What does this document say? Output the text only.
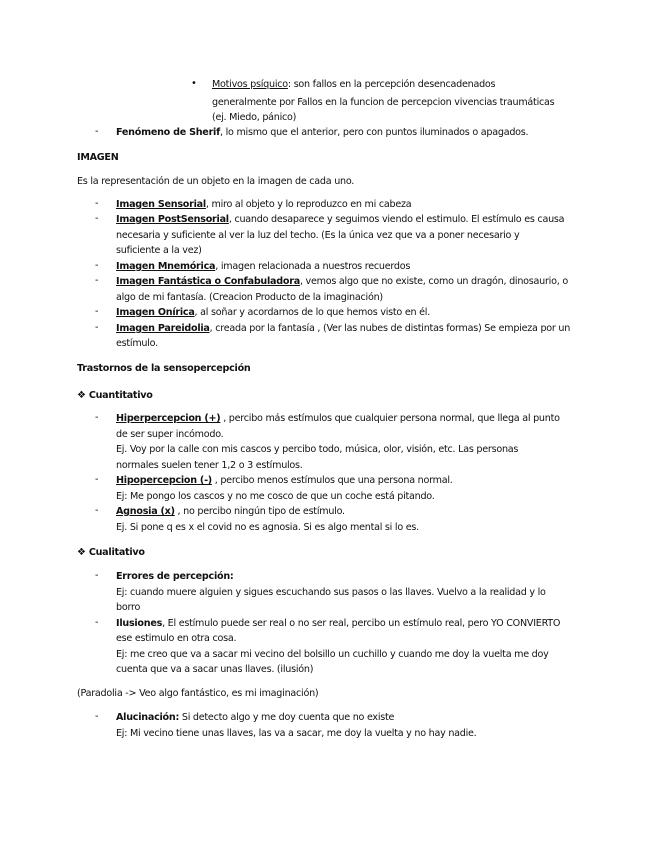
• Motivos psíquico: son fallos en la percepción desencadenados
generalmente por Fallos en la funcion de percepcion vivencias traumáticas
(ej. Miedo, pánico)
-	Fenómeno de Sherif, lo mismo que el anterior, pero con puntos iluminados o apagados.
IMAGEN
Es la representación de un objeto en la imagen de cada uno.
-	Imagen Sensorial, miro al objeto y lo reproduzco en mi cabeza
-	Imagen PostSensorial, cuando desaparece y seguimos viendo el estimulo. El estímulo es causa
necesaria y suficiente al ver la luz del techo. (Es la única vez que va a poner necesario y
suficiente a la vez)
-	Imagen Mnemórica, imagen relacionada a nuestros recuerdos
-	Imagen Fantástica o Confabuladora, vemos algo que no existe, como un dragón, dinosaurio, o
algo de mi fantasía. (Creacion Producto de la imaginación)
-	Imagen Onírica, al soñar y acordarnos de lo que hemos visto en él.
-	Imagen Pareidolia, creada por la fantasía , (Ver las nubes de distintas formas) Se empieza por un
estímulo.
Trastornos de la sensopercepción
❖ Cuantitativo
-	Hiperpercepcion (+) , percibo más estímulos que cualquier persona normal, que llega al punto
de ser super incómodo.
Ej. Voy por la calle con mis cascos y percibo todo, música, olor, visión, etc. Las personas
normales suelen tener 1,2 o 3 estímulos.
-	Hipopercepcion (-) , percibo menos estímulos que una persona normal.
Ej: Me pongo los cascos y no me cosco de que un coche está pitando.
-	Agnosia (x) , no percibo ningún tipo de estímulo.
Ej. Si pone q es x el covid no es agnosia. Si es algo mental si lo es.
❖ Cualitativo
-	Errores de percepción:
Ej: cuando muere alguien y sigues escuchando sus pasos o las llaves. Vuelvo a la realidad y lo
borro
-	Ilusiones, El estímulo puede ser real o no ser real, percibo un estímulo real, pero YO CONVIERTO
ese estimulo en otra cosa.
Ej: me creo que va a sacar mi vecino del bolsillo un cuchillo y cuando me doy la vuelta me doy
cuenta que va a sacar unas llaves. (ilusión)
(Paradolia -> Veo algo fantástico, es mi imaginación)
-	Alucinación: Si detecto algo y me doy cuenta que no existe
Ej: Mi vecino tiene unas llaves, las va a sacar, me doy la vuelta y no hay nadie.
